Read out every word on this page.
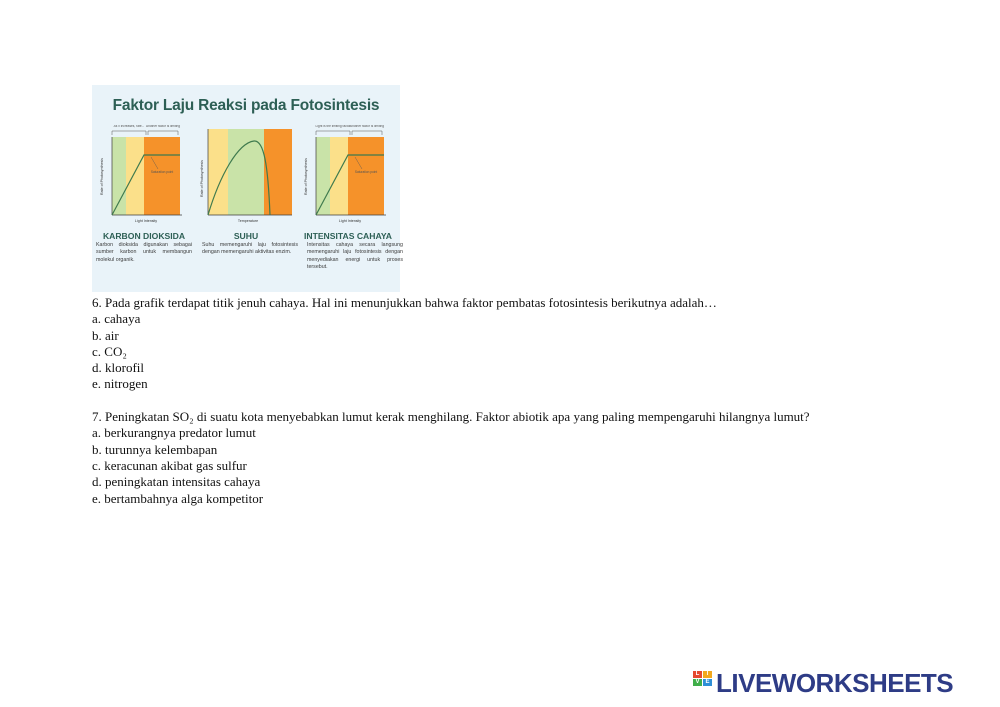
Faktor Laju Reaksi pada Fotosintesis
As x increases, rate... Another factor is limiting
Saturation point
Rate of Photosynthesis
Light Intensity
Rate of Photosynthesis
Temperature
Light is the limiting factor Another factor is limiting
Saturation point
Rate of Photosynthesis
Light Intensity
KARBON DIOKSIDA	SUHU	INTENSITAS CAHAYA
Karbon dioksida digunakan sebagai sumber karbon untuk membangun molekul organik.
Suhu memengaruhi laju fotosintesis dengan memengaruhi aktivitas enzim.
Intensitas cahaya secara langsung memengaruhi laju fotosintesis dengan menyediakan energi untuk proses tersebut.

6. Pada grafik terdapat titik jenuh cahaya. Hal ini menunjukkan bahwa faktor pembatas fotosintesis berikutnya adalah…

a. cahaya

b. air

c. CO₂

d. klorofil

e. nitrogen

7. Peningkatan SO₂ di suatu kota menyebabkan lumut kerak menghilang. Faktor abiotik apa yang paling mempengaruhi hilangnya lumut?

a. berkurangnya predator lumut

b. turunnya kelembapan

c. keracunan akibat gas sulfur

d. peningkatan intensitas cahaya

e. bertambahnya alga kompetitor

L	I
V E LIVEWORKSHEETS
